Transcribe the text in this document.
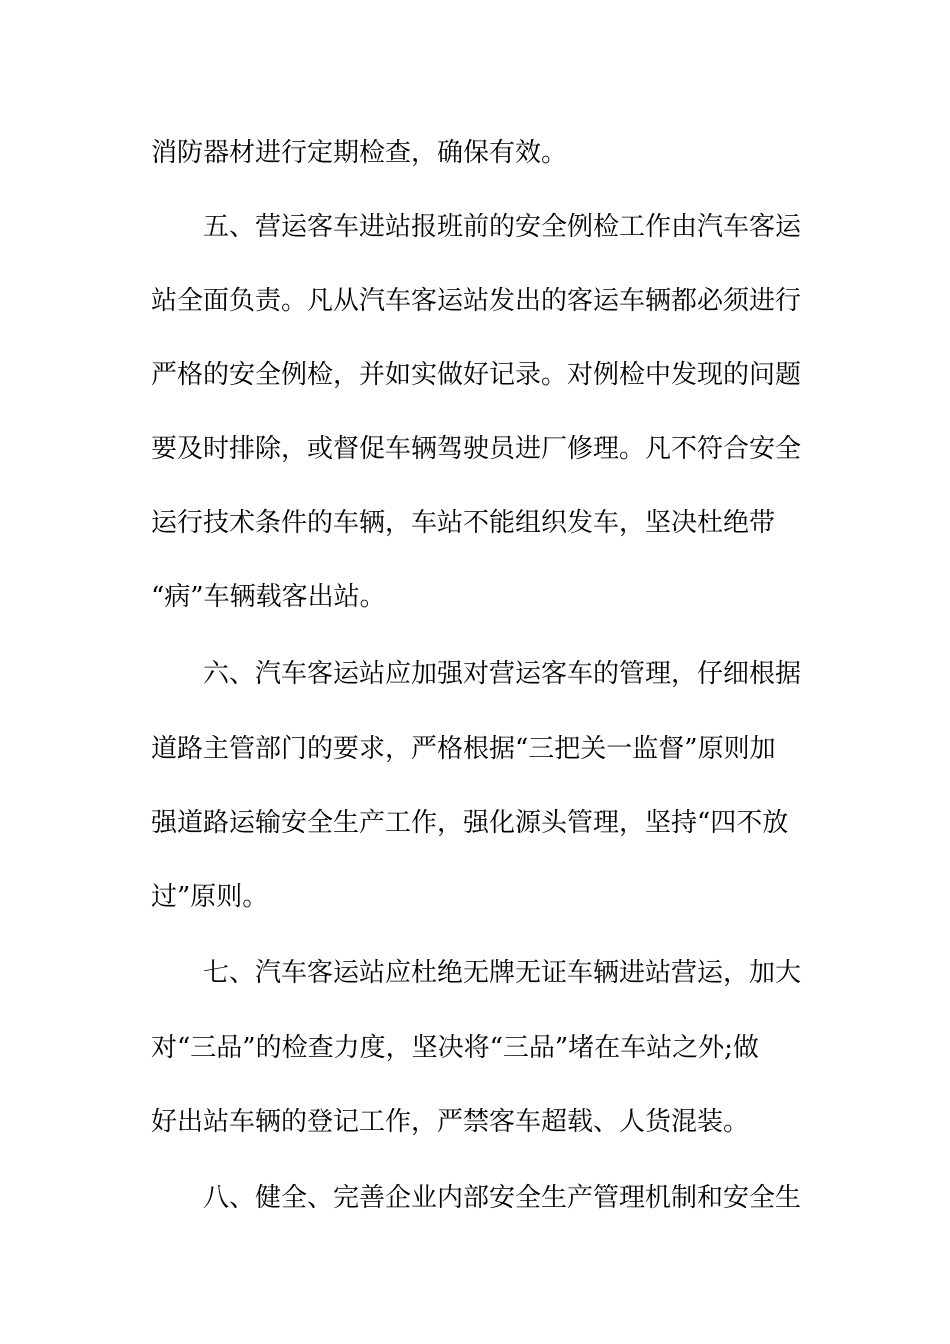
消防器材进行定期检查，确保有效。
五、营运客车进站报班前的安全例检工作由汽车客运
站全面负责。凡从汽车客运站发出的客运车辆都必须进行
严格的安全例检，并如实做好记录。对例检中发现的问题
要及时排除，或督促车辆驾驶员进厂修理。凡不符合安全
运行技术条件的车辆，车站不能组织发车，坚决杜绝带
“病”车辆载客出站。
六、汽车客运站应加强对营运客车的管理，仔细根据
道路主管部门的要求，严格根据“三把关一监督”原则加
强道路运输安全生产工作，强化源头管理，坚持“四不放
过”原则。
七、汽车客运站应杜绝无牌无证车辆进站营运，加大
对“三品”的检查力度，坚决将“三品”堵在车站之外;做
好出站车辆的登记工作，严禁客车超载、人货混装。
八、健全、完善企业内部安全生产管理机制和安全生
